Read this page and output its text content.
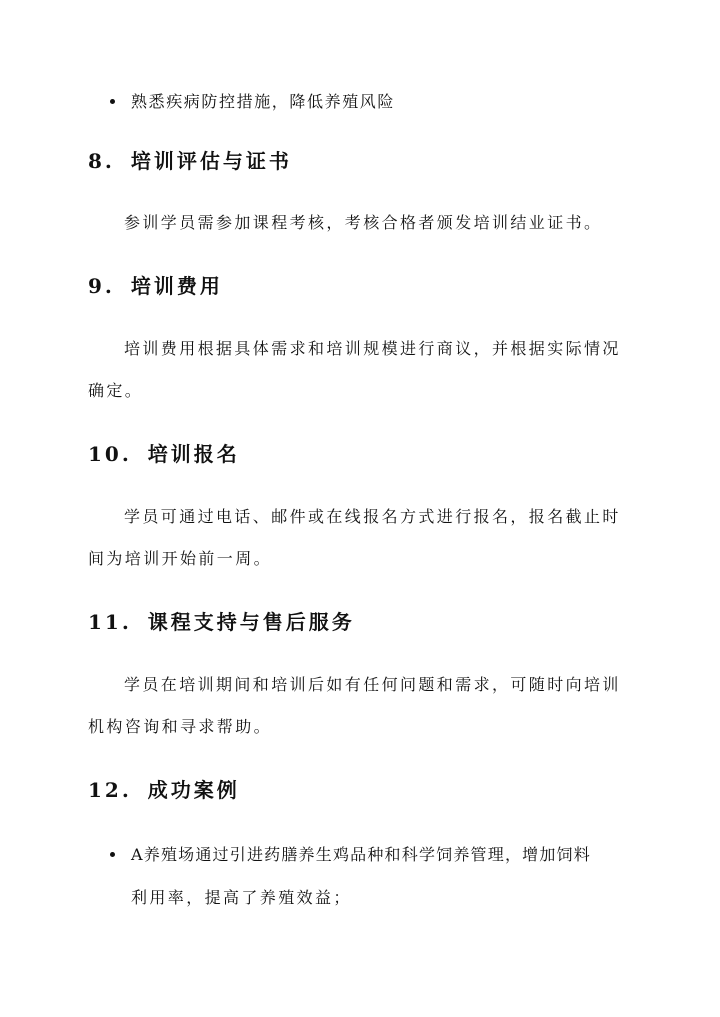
熟悉疾病防控措施，降低养殖风险
8. 培训评估与证书
参训学员需参加课程考核，考核合格者颁发培训结业证书。
9. 培训费用
培训费用根据具体需求和培训规模进行商议，并根据实际情况
确定。
10. 培训报名
学员可通过电话、邮件或在线报名方式进行报名，报名截止时
间为培训开始前一周。
11. 课程支持与售后服务
学员在培训期间和培训后如有任何问题和需求，可随时向培训
机构咨询和寻求帮助。
12. 成功案例
A养殖场通过引进药膳养生鸡品种和科学饲养管理，增加饲料
利用率，提高了养殖效益；
